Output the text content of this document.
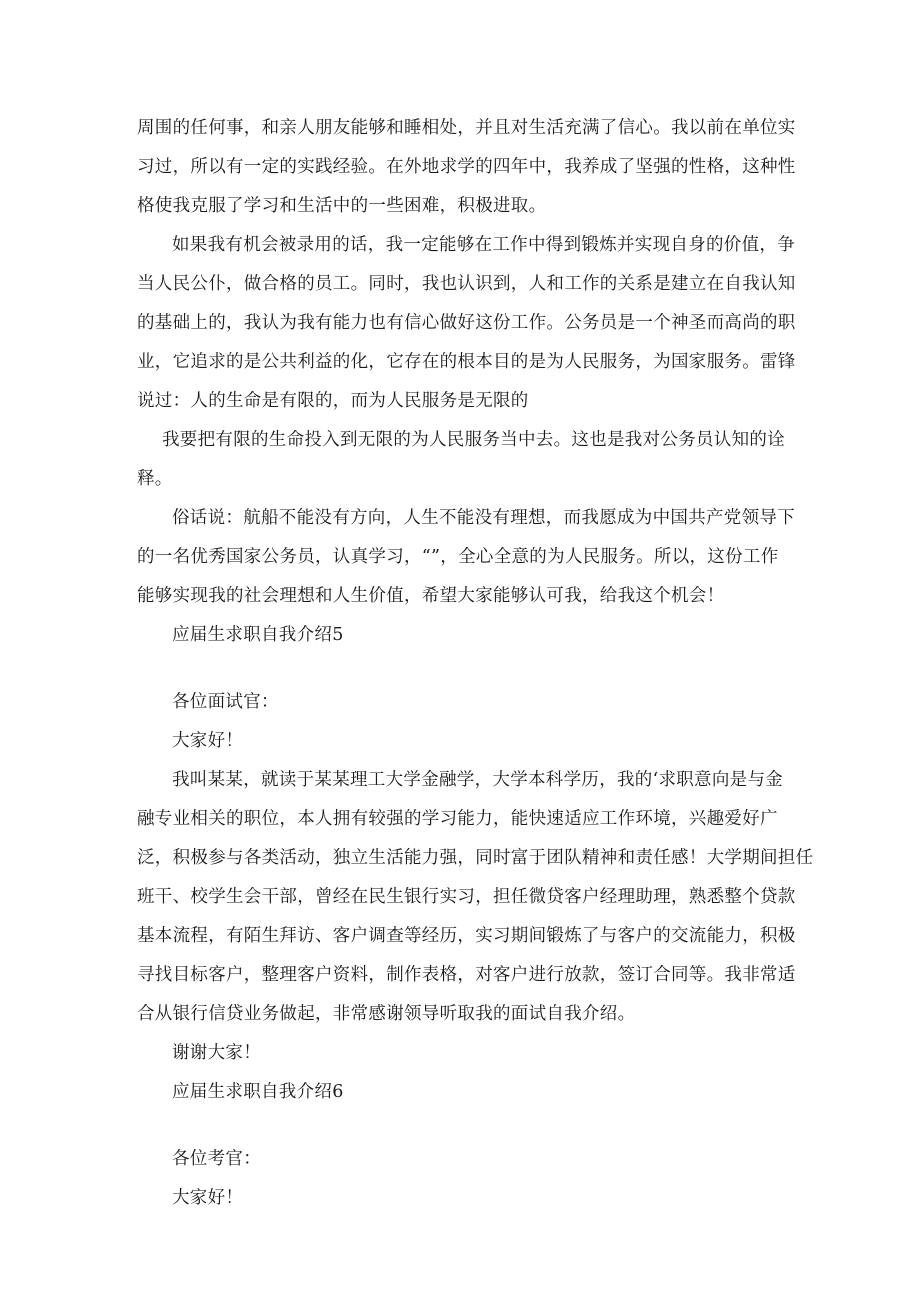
周围的任何事，和亲人朋友能够和睡相处，并且对生活充满了信心。我以前在单位实
习过，所以有一定的实践经验。在外地求学的四年中，我养成了坚强的性格，这种性
格使我克服了学习和生活中的一些困难，积极进取。
如果我有机会被录用的话，我一定能够在工作中得到锻炼并实现自身的价值，争
当人民公仆，做合格的员工。同时，我也认识到，人和工作的关系是建立在自我认知
的基础上的，我认为我有能力也有信心做好这份工作。公务员是一个神圣而高尚的职
业，它追求的是公共利益的化，它存在的根本目的是为人民服务，为国家服务。雷锋
说过：人的生命是有限的，而为人民服务是无限的
我要把有限的生命投入到无限的为人民服务当中去。这也是我对公务员认知的诠
释。
俗话说：航船不能没有方向，人生不能没有理想，而我愿成为中国共产党领导下
的一名优秀国家公务员，认真学习，“”，全心全意的为人民服务。所以，这份工作
能够实现我的社会理想和人生价值，希望大家能够认可我，给我这个机会！
应届生求职自我介绍5
各位面试官：
大家好！
我叫某某，就读于某某理工大学金融学，大学本科学历，我的‘求职意向是与金
融专业相关的职位，本人拥有较强的学习能力，能快速适应工作环境，兴趣爱好广
泛，积极参与各类活动，独立生活能力强，同时富于团队精神和责任感！大学期间担任
班干、校学生会干部，曾经在民生银行实习，担任微贷客户经理助理，熟悉整个贷款
基本流程，有陌生拜访、客户调查等经历，实习期间锻炼了与客户的交流能力，积极
寻找目标客户，整理客户资料，制作表格，对客户进行放款，签订合同等。我非常适
合从银行信贷业务做起，非常感谢领导听取我的面试自我介绍。
谢谢大家！
应届生求职自我介绍6
各位考官：
大家好！
